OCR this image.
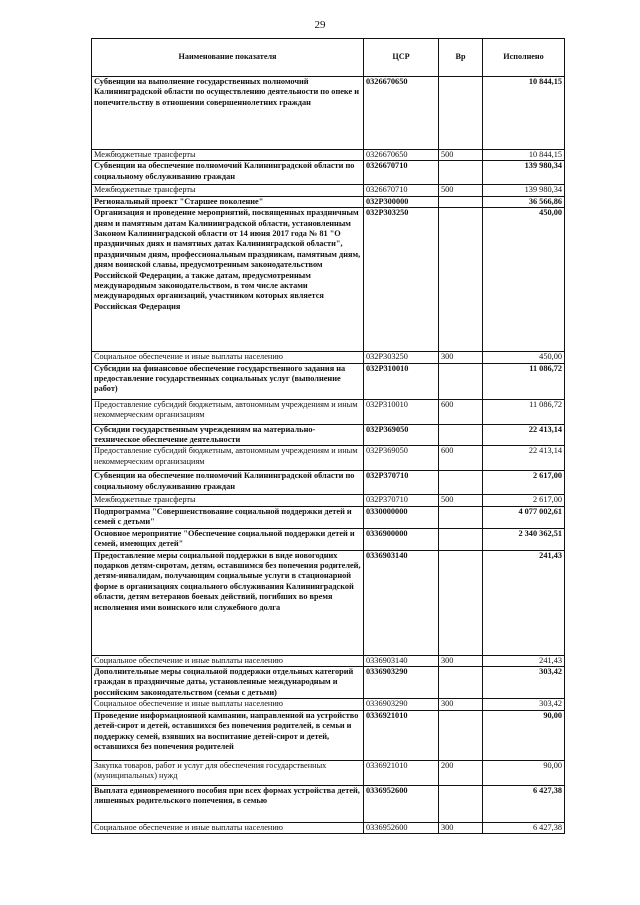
29
Наименование показателя	ЦСР	Вр	Исполнено
Субвенции на выполнение государственных полномочий Калининградской области по осуществлению деятельности по опеке и попечительству в отношении совершеннолетних граждан	0326670650		10 844,15
Межбюджетные трансферты	0326670650	500	10 844,15
Субвенции на обеспечение полномочий Калининградской области по социальному обслуживанию граждан	0326670710		139 980,34
Межбюджетные трансферты	0326670710	500	139 980,34
Региональный проект "Старшее поколение"	032Р300000		36 566,86
Организация и проведение мероприятий, посвященных праздничным дням и памятным датам Калининградской области, установленным Законом Калининградской области от 14 июня 2017 года № 81 "О праздничных днях и памятных датах Калининградской области", праздничным дням, профессиональным праздникам, памятным дням, дням воинской славы, предусмотренным законодательством Российской Федерации, а также датам, предусмотренным международным законодательством, в том числе актами международных организаций, участником которых является Российская Федерация	032Р303250		450,00
Социальное обеспечение и иные выплаты населению	032Р303250	300	450,00
Субсидии на финансовое обеспечение государственного задания на предоставление государственных социальных услуг (выполнение работ)	032Р310010		11 086,72
Предоставление субсидий бюджетным, автономным учреждениям и иным некоммерческим организациям	032Р310010	600	11 086,72
Субсидии государственным учреждениям на материально-техническое обеспечение деятельности	032Р369050		22 413,14
Предоставление субсидий бюджетным, автономным учреждениям и иным некоммерческим организациям	032Р369050	600	22 413,14
Субвенции на обеспечение полномочий Калининградской области по социальному обслуживанию граждан	032Р370710		2 617,00
Межбюджетные трансферты	032Р370710	500	2 617,00
Подпрограмма "Совершенствование социальной поддержки детей и семей с детьми"	0330000000		4 077 002,61
Основное мероприятие "Обеспечение социальной поддержки детей и семей, имеющих детей"	0336900000		2 340 362,51
Предоставление меры социальной поддержки в виде новогодних подарков детям-сиротам, детям, оставшимся без попечения родителей, детям-инвалидам, получающим социальные услуги в стационарной форме в организациях социального обслуживания Калининградской области, детям ветеранов боевых действий, погибших во время исполнения ими воинского или служебного долга	0336903140		241,43
Социальное обеспечение и иные выплаты населению	0336903140	300	241,43
Дополнительные меры социальной поддержки отдельных категорий граждан в праздничные даты, установленные международным и российским законодательством (семьи с детьми)	0336903290		303,42
Социальное обеспечение и иные выплаты населению	0336903290	300	303,42
Проведение информационной кампании, направленной на устройство детей-сирот и детей, оставшихся без попечения родителей, в семьи и поддержку семей, взявших на воспитание детей-сирот и детей, оставшихся без попечения родителей	0336921010		90,00
Закупка товаров, работ и услуг для обеспечения государственных (муниципальных) нужд	0336921010	200	90,00
Выплата единовременного пособия при всех формах устройства детей, лишенных родительского попечения, в семью	0336952600		6 427,38
Социальное обеспечение и иные выплаты населению	0336952600	300	6 427,38
